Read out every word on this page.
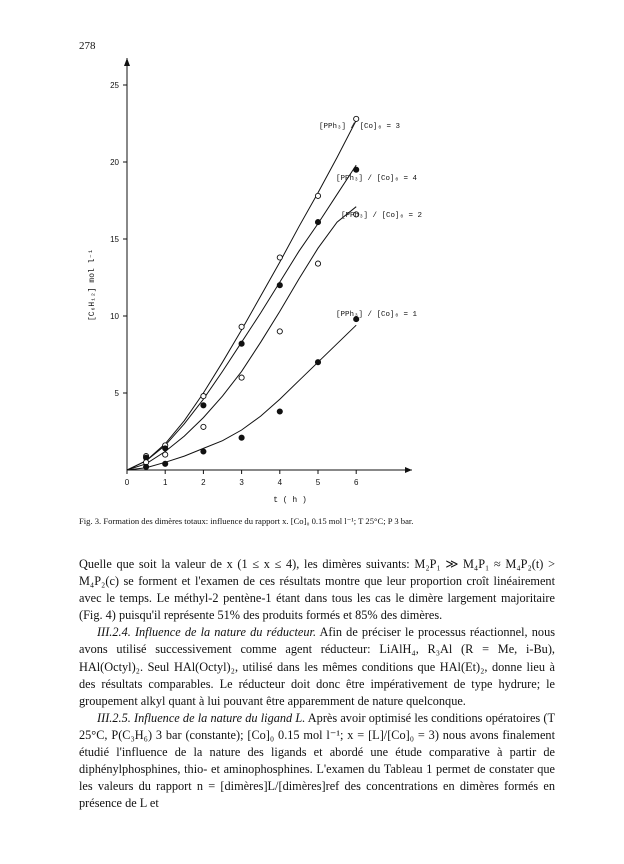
278
5
10
15
20
25
0	1	2	3	4	5	6
[PPh₃] / [Co]₀ = 3
[PPh₃] / [Co]₀ = 4
[PPh₃] / [Co]₀ = 2
[PPh₃] / [Co]₀ = 1
[C₆H₁₂] mol l⁻¹
t ( h )
Fig. 3. Formation des dimères totaux: influence du rapport x. [Co]₀ 0.15 mol l⁻¹; T 25°C; P 3 bar.

Quelle que soit la valeur de x (1 ≤ x ≤ 4), les dimères suivants: M₂P₁ ≫ M₄P₁ ≈ M₄P₂(t) > M₄P₂(c) se forment et l'examen de ces résultats montre que leur proportion croît linéairement avec le temps. Le méthyl-2 pentène-1 étant dans tous les cas le dimère largement majoritaire (Fig. 4) puisqu'il représente 51% des produits formés et 85% des dimères.

III.2.4. Influence de la nature du réducteur. Afin de préciser le processus réactionnel, nous avons utilisé successivement comme agent réducteur: LiAlH₄, R₃Al (R = Me, i-Bu), HAl(Octyl)₂. Seul HAl(Octyl)₂, utilisé dans les mêmes conditions que HAl(Et)₂, donne lieu à des résultats comparables. Le réducteur doit donc être impérativement de type hydrure; le groupement alkyl quant à lui pouvant être apparemment de nature quelconque.

III.2.5. Influence de la nature du ligand L. Après avoir optimisé les conditions opératoires (T 25°C, P(C₃H₆) 3 bar (constante); [Co]₀ 0.15 mol l⁻¹; x = [L]/[Co]₀ = 3) nous avons finalement étudié l'influence de la nature des ligands et abordé une étude comparative à partir de diphénylphosphines, thio- et aminophosphines. L'examen du Tableau 1 permet de constater que les valeurs du rapport n = [dimères]L/[dimères]ref des concentrations en dimères formés en présence de L et
